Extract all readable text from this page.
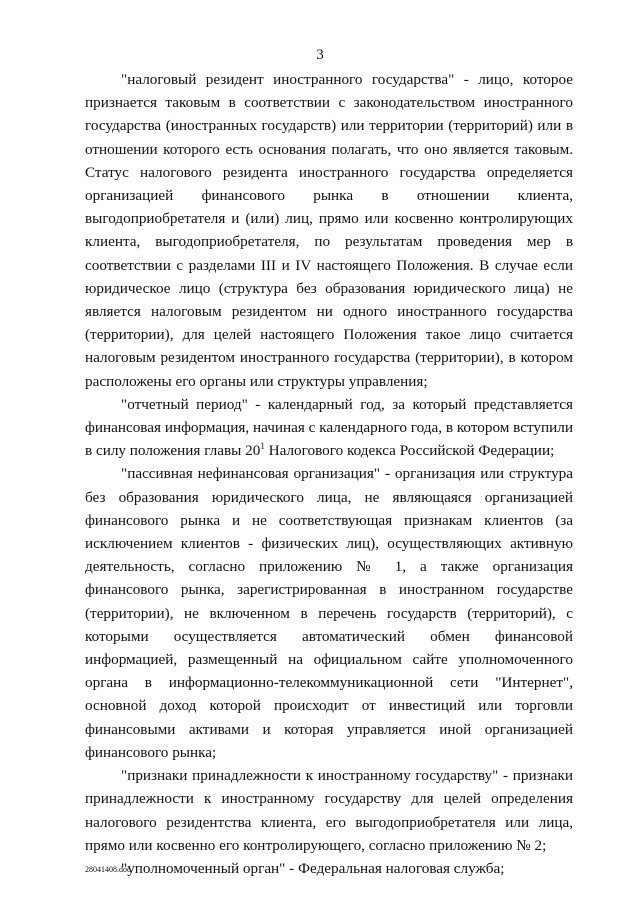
3

"налоговый резидент иностранного государства" - лицо, которое признается таковым в соответствии с законодательством иностранного государства (иностранных государств) или территории (территорий) или в отношении которого есть основания полагать, что оно является таковым. Статус налогового резидента иностранного государства определяется организацией финансового рынка в отношении клиента, выгодоприобретателя и (или) лиц, прямо или косвенно контролирующих клиента, выгодоприобретателя, по результатам проведения мер в соответствии с разделами III и IV настоящего Положения. В случае если юридическое лицо (структура без образования юридического лица) не является налоговым резидентом ни одного иностранного государства (территории), для целей настоящего Положения такое лицо считается налоговым резидентом иностранного государства (территории), в котором расположены его органы или структуры управления;

"отчетный период" - календарный год, за который представляется финансовая информация, начиная с календарного года, в котором вступили в силу положения главы $20^1$ Налогового кодекса Российской Федерации;

"пассивная нефинансовая организация" - организация или структура без образования юридического лица, не являющаяся организацией финансового рынка и не соответствующая признакам клиентов (за исключением клиентов - физических лиц), осуществляющих активную деятельность, согласно приложению № 1, а также организация финансового рынка, зарегистрированная в иностранном государстве (территории), не включенном в перечень государств (территорий), с которыми осуществляется автоматический обмен финансовой информацией, размещенный на официальном сайте уполномоченного органа в информационно-телекоммуникационной сети "Интернет", основной доход которой происходит от инвестиций или торговли финансовыми активами и которая управляется иной организацией финансового рынка;

"признаки принадлежности к иностранному государству" - признаки принадлежности к иностранному государству для целей определения налогового резидентства клиента, его выгодоприобретателя или лица, прямо или косвенно его контролирующего, согласно приложению № 2;

"уполномоченный орган" - Федеральная налоговая служба;

28041408.doc
